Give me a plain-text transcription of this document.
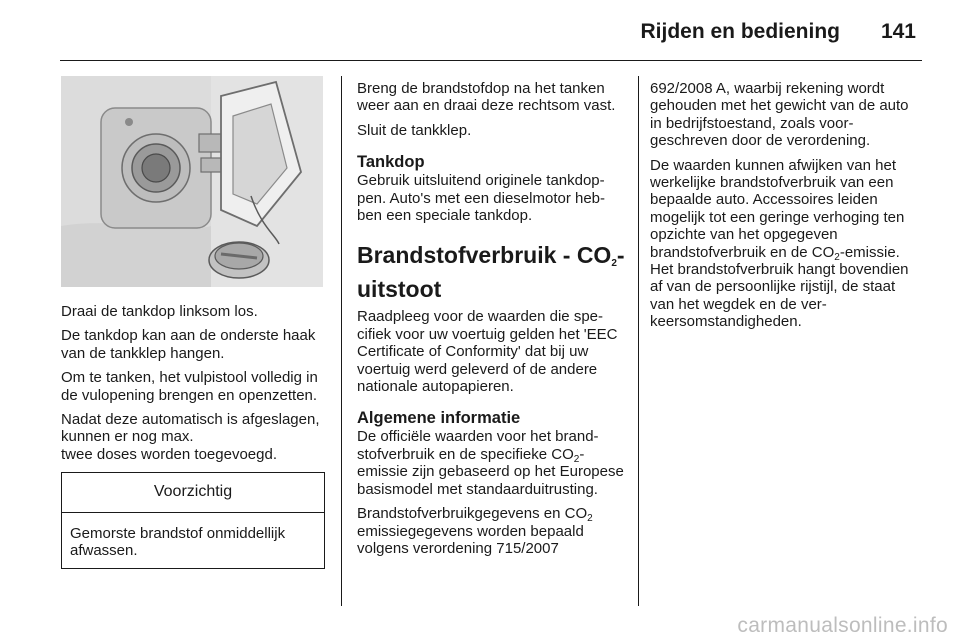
Rijden en bediening 141

Draai de tankdop linksom los.

De tankdop kan aan de onderste haak van de tankklep hangen.

Om te tanken, het vulpistool volledig in de vulopening brengen en openzetten.

Nadat deze automatisch is afgeslagen, kunnen er nog max.
twee doses worden toegevoegd.

Voorzichtig
Gemorste brandstof onmiddellijk afwassen.

Breng de brandstofdop na het tanken weer aan en draai deze rechtsom vast.

Sluit de tankklep.

Tankdop

Gebruik uitsluitend originele tankdoppen. Auto's met een dieselmotor hebben een speciale tankdop.

Brandstofverbruik - $CO_2$-uitstoot

Raadpleeg voor de waarden die specifiek voor uw voertuig gelden het 'EEC Certificate of Conformity' dat bij uw voertuig werd geleverd of de andere nationale autopapieren.

Algemene informatie

De officiële waarden voor het brandstofverbruik en de specifieke $CO_2$-emissie zijn gebaseerd op het Europese basismodel met standaarduitrusting.

Brandstofverbruikgegevens en $CO_2$ emissiegegevens worden bepaald volgens verordening 715/2007

692/2008 A, waarbij rekening wordt gehouden met het gewicht van de auto in bedrijfstoestand, zoals voorgeschreven door de verordening.

De waarden kunnen afwijken van het werkelijke brandstofverbruik van een bepaalde auto. Accessoires leiden mogelijk tot een geringe verhoging ten opzichte van het opgegeven brandstofverbruik en de $CO_2$-emissie. Het brandstofverbruik hangt bovendien af van de persoonlijke rijstijl, de staat van het wegdek en de verkeersomstandigheden.

carmanualsonline.info
